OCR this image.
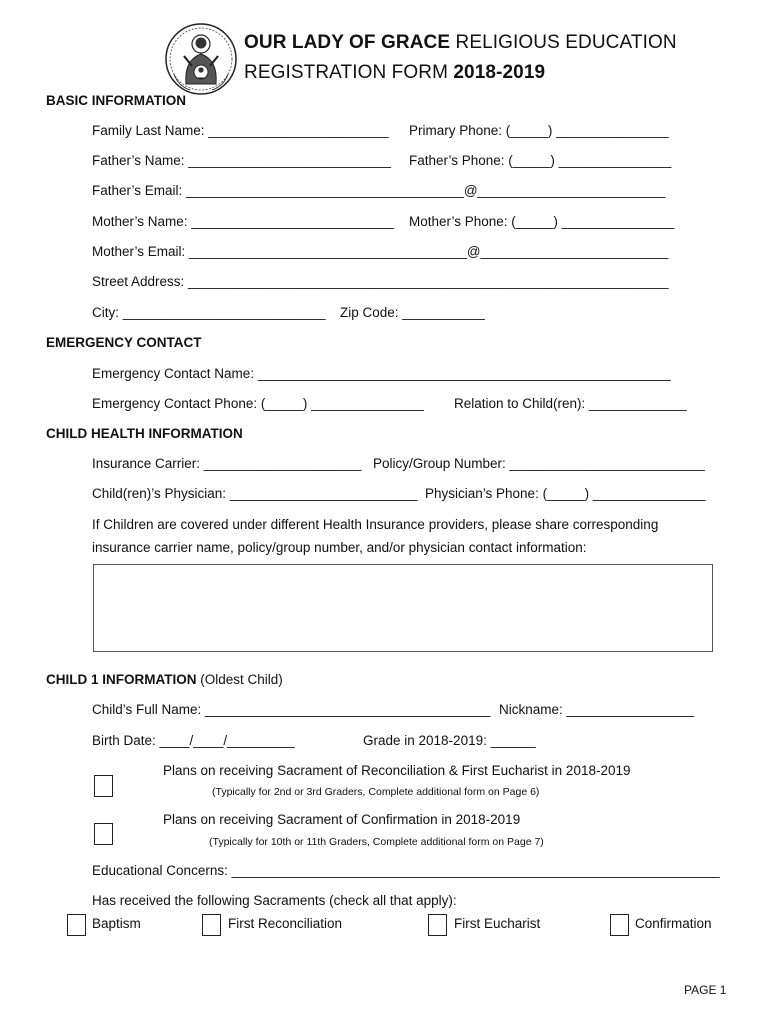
OUR LADY OF GRACE RELIGIOUS EDUCATION
REGISTRATION FORM 2018-2019
BASIC INFORMATION
Family Last Name: ________________________ Primary Phone: (_____) _______________
Father’s Name: ___________________________ Father’s Phone: (_____) _______________
Father’s Email: _____________________________________@_________________________
Mother’s Name: ___________________________ Mother’s Phone: (_____) _______________
Mother’s Email: _____________________________________@_________________________
Street Address: ________________________________________________________________
City: ___________________________ Zip Code: ___________
EMERGENCY CONTACT
Emergency Contact Name: _______________________________________________________
Emergency Contact Phone: (_____) _______________ Relation to Child(ren): _____________
CHILD HEALTH INFORMATION
Insurance Carrier: _____________________ Policy/Group Number: __________________________
Child(ren)’s Physician: _________________________ Physician’s Phone: (_____) _______________
If Children are covered under different Health Insurance providers, please share corresponding
insurance carrier name, policy/group number, and/or physician contact information:
CHILD 1 INFORMATION (Oldest Child)
Child’s Full Name: ______________________________________ Nickname: _________________
Birth Date: ____/____/_________	Grade in 2018-2019: ______
Plans on receiving Sacrament of Reconciliation & First Eucharist in 2018-2019
(Typically for 2nd or 3rd Graders, Complete additional form on Page 6)
Plans on receiving Sacrament of Confirmation in 2018-2019
(Typically for 10th or 11th Graders, Complete additional form on Page 7)
Educational Concerns: _________________________________________________________________
Has received the following Sacraments (check all that apply):
Baptism	First Reconciliation	First Eucharist	Confirmation
PAGE 1
